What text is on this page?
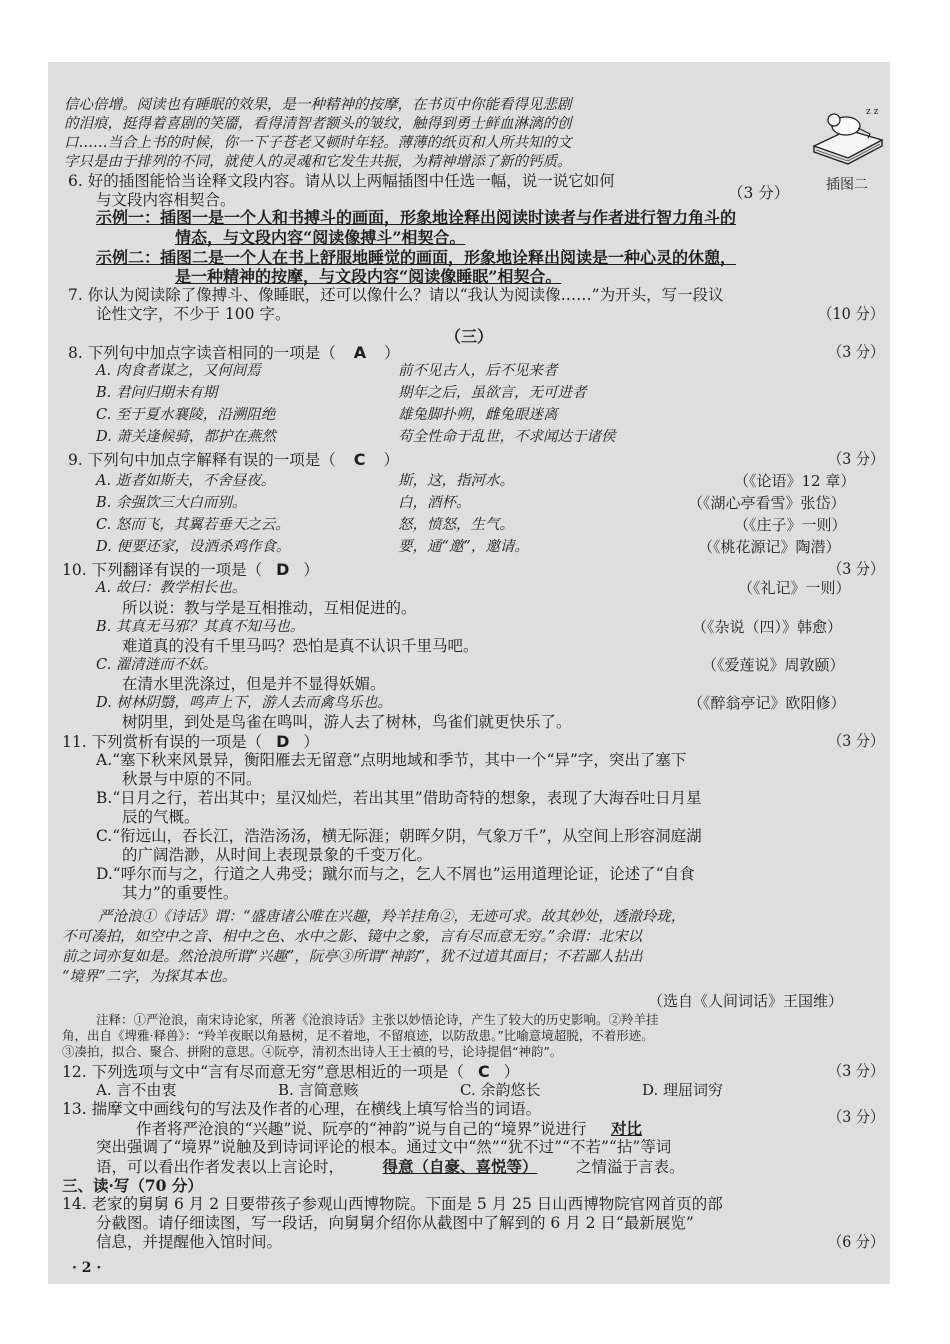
信心倍增。阅读也有睡眠的效果，是一种精神的按摩，在书页中你能看得见悲剧
的泪痕，挺得着喜剧的笑靥，看得清智者额头的皱纹，触得到勇士鲜血淋漓的创
口……当合上书的时候，你一下子苍老又顿时年轻。薄薄的纸页和人所共知的文
字只是由于排列的不同，就使人的灵魂和它发生共振，为精神增添了新的钙质。
z z
插图二
6. 好的插图能恰当诠释文段内容。请从以上两幅插图中任选一幅，说一说它如何
与文段内容相契合。	（3 分）
示例一：插图一是一个人和书搏斗的画面，形象地诠释出阅读时读者与作者进行智力角斗的
情态，与文段内容“阅读像搏斗”相契合。
示例二：插图二是一个人在书上舒服地睡觉的画面，形象地诠释出阅读是一种心灵的休憩，
是一种精神的按摩，与文段内容“阅读像睡眠”相契合。
7. 你认为阅读除了像搏斗、像睡眠，还可以像什么？请以“我认为阅读像……”为开头，写一段议
论性文字，不少于 100 字。	（10 分）
（三）
8. 下列句中加点字读音相同的一项是（ A ）	（3 分）
A. 肉食者谋之，又何间焉	前不见古人，后不见来者
B. 君问归期未有期	期年之后，虽欲言，无可进者
C. 至于夏水襄陵，沿溯阻绝	雄兔脚扑朔，雌兔眼迷离
D. 萧关逢候骑，都护在燕然	苟全性命于乱世，不求闻达于诸侯
9. 下列句中加点字解释有误的一项是（ C ）	（3 分）
A. 逝者如斯夫，不舍昼夜。	斯，这，指河水。	（《论语》12 章）
B. 余强饮三大白而别。	白，酒杯。	（《湖心亭看雪》张岱）
C. 怒而飞，其翼若垂天之云。	怒，愤怒，生气。	（《庄子》一则）
D. 便要还家，设酒杀鸡作食。	要，通“邀”，邀请。	（《桃花源记》陶潜）
10. 下列翻译有误的一项是（ D ）	（3 分）
A. 故曰：教学相长也。	（《礼记》一则）
所以说：教与学是互相推动，互相促进的。
B. 其真无马邪？其真不知马也。	（《杂说（四）》韩愈）
难道真的没有千里马吗？恐怕是真不认识千里马吧。
C. 濯清涟而不妖。	（《爱莲说》周敦颐）
在清水里洗涤过，但是并不显得妖媚。
D. 树林阴翳，鸣声上下，游人去而禽鸟乐也。	（《醉翁亭记》欧阳修）
树阴里，到处是鸟雀在鸣叫，游人去了树林，鸟雀们就更快乐了。
11. 下列赏析有误的一项是（ D ）	（3 分）
A.“塞下秋来风景异，衡阳雁去无留意”点明地域和季节，其中一个“异”字，突出了塞下
秋景与中原的不同。
B.“日月之行，若出其中；星汉灿烂，若出其里”借助奇特的想象，表现了大海吞吐日月星
辰的气概。
C.“衔远山，吞长江，浩浩汤汤，横无际涯；朝晖夕阴，气象万千”，从空间上形容洞庭湖
的广阔浩渺，从时间上表现景象的千变万化。
D.“呼尔而与之，行道之人弗受；蹴尔而与之，乞人不屑也”运用道理论证，论述了“自食
其力”的重要性。
严沧浪①《诗话》谓：“盛唐诸公唯在兴趣，羚羊挂角②，无迹可求。故其妙处，透澈玲珑，
不可凑拍，如空中之音、相中之色、水中之影、镜中之象，言有尽而意无穷。”余谓：北宋以
前之词亦复如是。然沧浪所谓“兴趣”，阮亭③所谓“神韵”，犹不过道其面目；不若鄙人拈出
“境界”二字，为探其本也。
（选自《人间词话》王国维）
注释：①严沧浪，南宋诗论家，所著《沧浪诗话》主张以妙悟论诗，产生了较大的历史影响。②羚羊挂
角，出自《埤雅·释兽》：“羚羊夜眠以角悬树，足不着地，不留痕迹，以防敌患。”比喻意境超脱，不着形迹。
③凑拍，拟合、聚合、拼附的意思。④阮亭，清初杰出诗人王士禛的号，论诗提倡“神韵”。
12. 下列选项与文中“言有尽而意无穷”意思相近的一项是（ C ）	（3 分）
A. 言不由衷	B. 言简意赅	C. 余韵悠长	D. 理屈词穷
13. 揣摩文中画线句的写法及作者的心理，在横线上填写恰当的词语。	（3 分）
作者将严沧浪的“兴趣”说、阮亭的“神韵”说与自己的“境界”说进行 对比
突出强调了“境界”说触及到诗词评论的根本。通过文中“然”“犹不过”“不若”“拈”等词
语，可以看出作者发表以上言论时， 得意（自豪、喜悦等） 之情溢于言表。
三、读·写（70 分）
14. 老家的舅舅 6 月 2 日要带孩子参观山西博物院。下面是 5 月 25 日山西博物院官网首页的部
分截图。请仔细读图，写一段话，向舅舅介绍你从截图中了解到的 6 月 2 日“最新展览”
信息，并提醒他入馆时间。	（6 分）
· 2 ·
